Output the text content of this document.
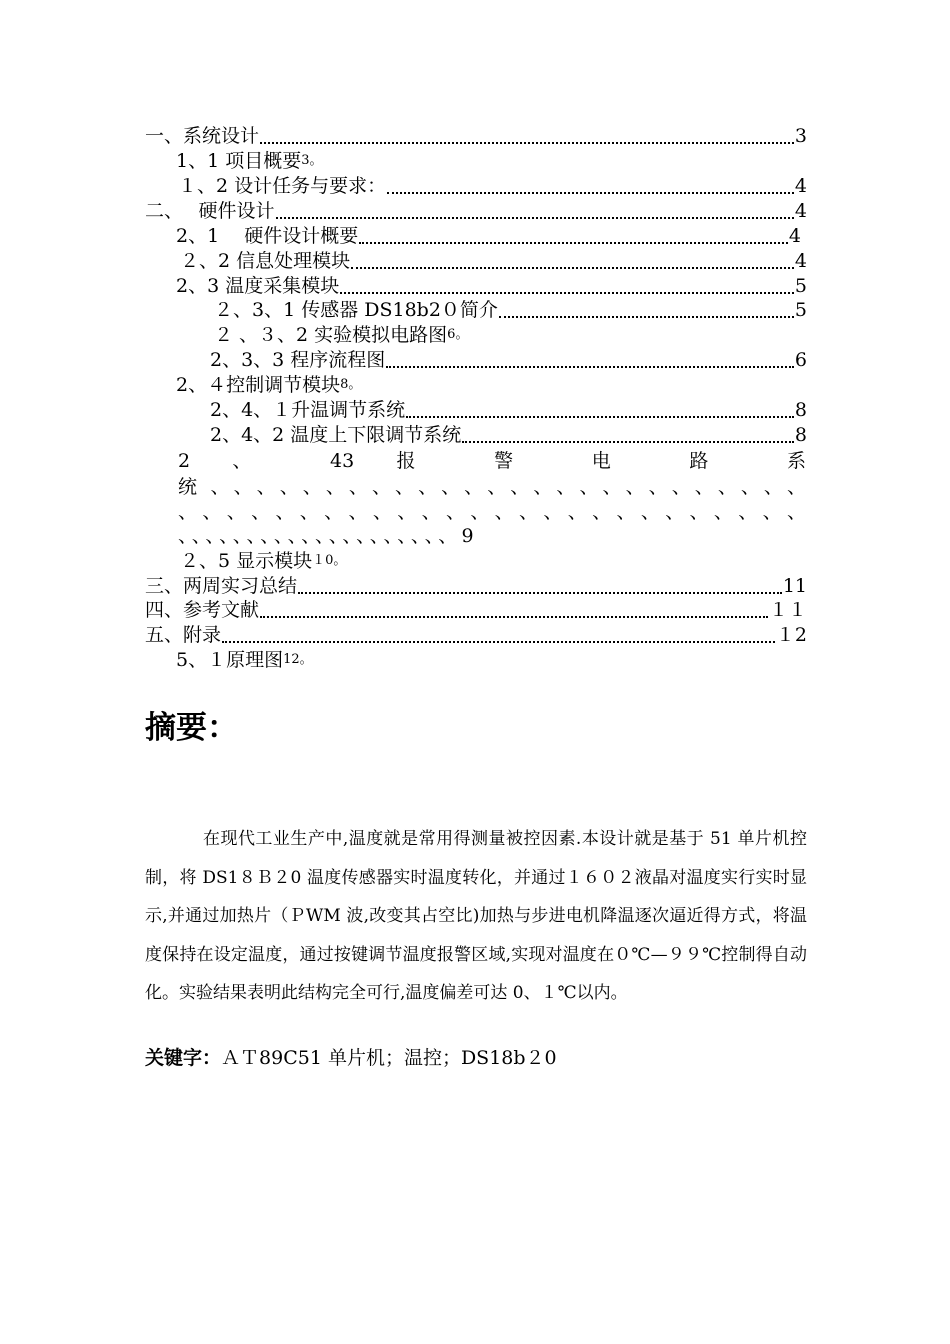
一、系统设计	3
1、1 项目概要 3。
１、2 设计任务与要求：	4
二、　 硬件设计	4
2、1　 硬件设计概要	4
２、2 信息处理模块	4
2、3 温度采集模块	5
２、3、1 传感器 DS18b2０简介	5
２ 、３、2 实验模拟电路图 6。
2、3、3 程序流程图	6
2、４控制调节模块 8。
2、4、１升温调节系统	8
2、4、2 温度上下限调节系统	8
2 、 43 报 警 电 路 系
统、、、、、、、、、、、、、、、、、、、、、、、、、、
、、、、、、、、、、、、、、、、、、、、、、、、、、
、、、、、、、、、、、、、、、、、、、、9
２、5 显示模块 １0。
三、两周实习总结	11
四、参考文献	１１
五、附录	１2
5、１原理图 12。
摘要：
在现代工业生产中,温度就是常用得测量被控因素.本设计就是基于 51 单片机控制，将 DS1８Ｂ２0 温度传感器实时温度转化，并通过１６０２液晶对温度实行实时显示,并通过加热片（ＰWM 波,改变其占空比)加热与步进电机降温逐次逼近得方式，将温度保持在设定温度，通过按键调节温度报警区域,实现对温度在０℃—９９℃控制得自动化。实验结果表明此结构完全可行,温度偏差可达 0、１℃以内。
关键字：ＡＴ89C51 单片机；温控；DS18b２0
